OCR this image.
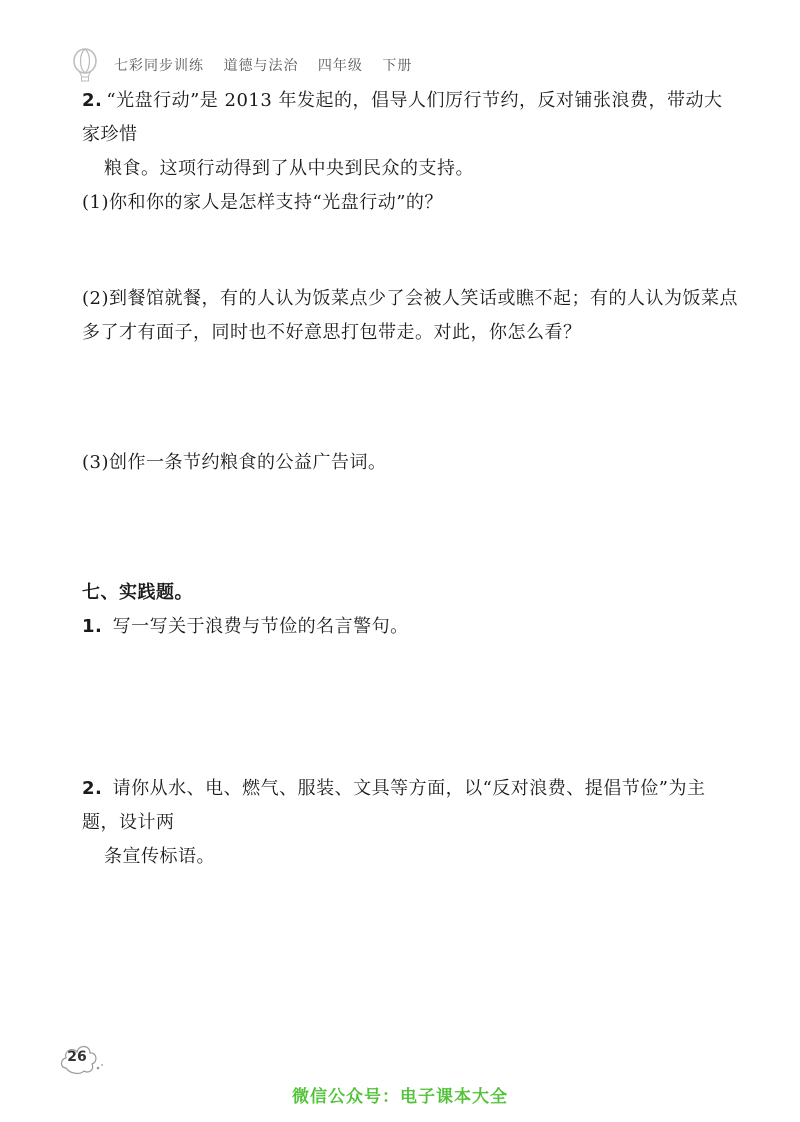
七彩同步训练 道德与法治 四年级 下册
2. “光盘行动”是 2013 年发起的，倡导人们厉行节约，反对铺张浪费，带动大家珍惜
粮食。这项行动得到了从中央到民众的支持。
(1)你和你的家人是怎样支持“光盘行动”的？
(2)到餐馆就餐，有的人认为饭菜点少了会被人笑话或瞧不起；有的人认为饭菜点
多了才有面子，同时也不好意思打包带走。对此，你怎么看？
(3)创作一条节约粮食的公益广告词。
七、实践题。
1. 写一写关于浪费与节俭的名言警句。
2. 请你从水、电、燃气、服装、文具等方面，以“反对浪费、提倡节俭”为主题，设计两
条宣传标语。
26
微信公众号：电子课本大全
